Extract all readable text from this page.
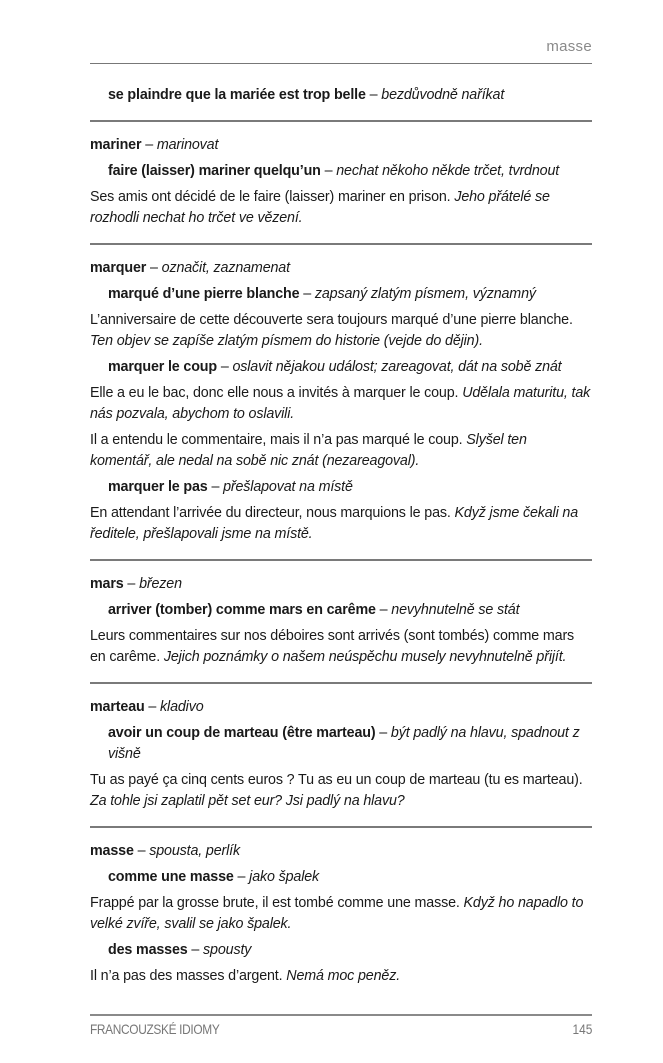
masse
se plaindre que la mariée est trop belle – bezdůvodně naříkat
mariner – marinovat
faire (laisser) mariner quelqu’un – nechat někoho někde trčet, tvrdnout
Ses amis ont décidé de le faire (laisser) mariner en prison. Jeho přátelé se rozhodli nechat ho trčet ve vězení.
marquer – označit, zaznamenat
marqué d’une pierre blanche – zapsaný zlatým písmem, významný
L’anniversaire de cette découverte sera toujours marqué d’une pierre blanche. Ten objev se zapíše zlatým písmem do historie (vejde do dějin).
marquer le coup – oslavit nějakou událost; zareagovat, dát na sobě znát
Elle a eu le bac, donc elle nous a invités à marquer le coup. Udělala maturitu, tak nás pozvala, abychom to oslavili.
Il a entendu le commentaire, mais il n’a pas marqué le coup. Slyšel ten komentář, ale nedal na sobě nic znát (nezareagoval).
marquer le pas – přešlapovat na místě
En attendant l’arrivée du directeur, nous marquions le pas. Když jsme čekali na ředitele, přešlapovali jsme na místě.
mars – březen
arriver (tomber) comme mars en carême – nevyhnutelně se stát
Leurs commentaires sur nos déboires sont arrivés (sont tombés) comme mars en carême. Jejich poznámky o našem neúspěchu musely nevyhnutelně přijít.
marteau – kladivo
avoir un coup de marteau (être marteau) – být padlý na hlavu, spadnout z višně
Tu as payé ça cinq cents euros ? Tu as eu un coup de marteau (tu es marteau). Za tohle jsi zaplatil pět set eur? Jsi padlý na hlavu?
masse – spousta, perlík
comme une masse – jako špalek
Frappé par la grosse brute, il est tombé comme une masse. Když ho napadlo to velké zvíře, svalil se jako špalek.
des masses – spousty
Il n’a pas des masses d’argent. Nemá moc peněz.
FRANCOUZSKÉ IDIOMY	145
